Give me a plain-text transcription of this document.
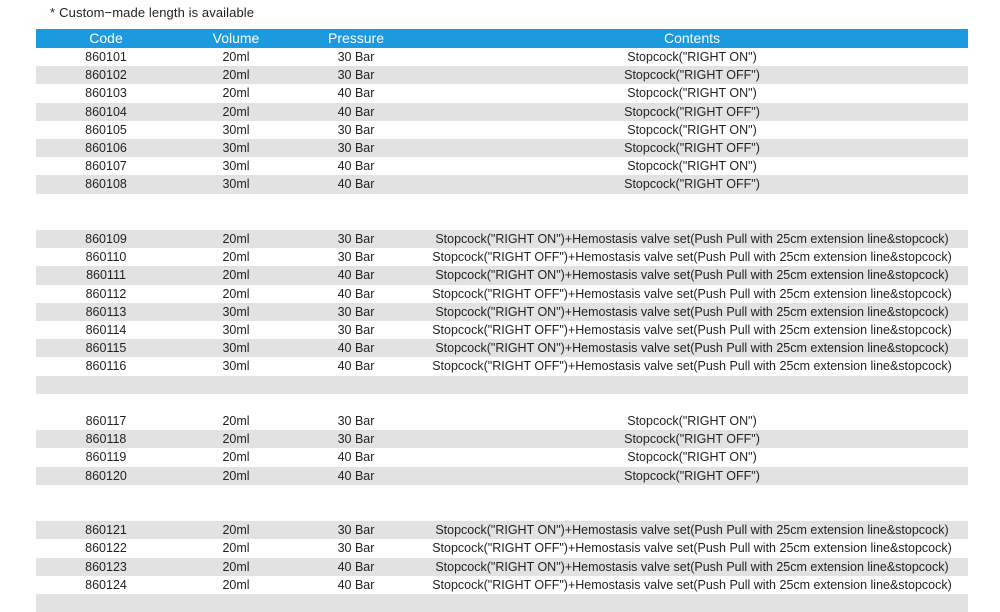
* Custom−made length is available
Code	Volume	Pressure	Contents
860101	20ml	30 Bar	Stopcock("RIGHT ON")
860102	20ml	30 Bar	Stopcock("RIGHT OFF")
860103	20ml	40 Bar	Stopcock("RIGHT ON")
860104	20ml	40 Bar	Stopcock("RIGHT OFF")
860105	30ml	30 Bar	Stopcock("RIGHT ON")
860106	30ml	30 Bar	Stopcock("RIGHT OFF")
860107	30ml	40 Bar	Stopcock("RIGHT ON")
860108	30ml	40 Bar	Stopcock("RIGHT OFF")

860109	20ml	30 Bar	Stopcock("RIGHT ON")+Hemostasis valve set(Push Pull with 25cm extension line&stopcock)
860110	20ml	30 Bar	Stopcock("RIGHT OFF")+Hemostasis valve set(Push Pull with 25cm extension line&stopcock)
860111	20ml	40 Bar	Stopcock("RIGHT ON")+Hemostasis valve set(Push Pull with 25cm extension line&stopcock)
860112	20ml	40 Bar	Stopcock("RIGHT OFF")+Hemostasis valve set(Push Pull with 25cm extension line&stopcock)
860113	30ml	30 Bar	Stopcock("RIGHT ON")+Hemostasis valve set(Push Pull with 25cm extension line&stopcock)
860114	30ml	30 Bar	Stopcock("RIGHT OFF")+Hemostasis valve set(Push Pull with 25cm extension line&stopcock)
860115	30ml	40 Bar	Stopcock("RIGHT ON")+Hemostasis valve set(Push Pull with 25cm extension line&stopcock)
860116	30ml	40 Bar	Stopcock("RIGHT OFF")+Hemostasis valve set(Push Pull with 25cm extension line&stopcock)

860117	20ml	30 Bar	Stopcock("RIGHT ON")
860118	20ml	30 Bar	Stopcock("RIGHT OFF")
860119	20ml	40 Bar	Stopcock("RIGHT ON")
860120	20ml	40 Bar	Stopcock("RIGHT OFF")

860121	20ml	30 Bar	Stopcock("RIGHT ON")+Hemostasis valve set(Push Pull with 25cm extension line&stopcock)
860122	20ml	30 Bar	Stopcock("RIGHT OFF")+Hemostasis valve set(Push Pull with 25cm extension line&stopcock)
860123	20ml	40 Bar	Stopcock("RIGHT ON")+Hemostasis valve set(Push Pull with 25cm extension line&stopcock)
860124	20ml	40 Bar	Stopcock("RIGHT OFF")+Hemostasis valve set(Push Pull with 25cm extension line&stopcock)
